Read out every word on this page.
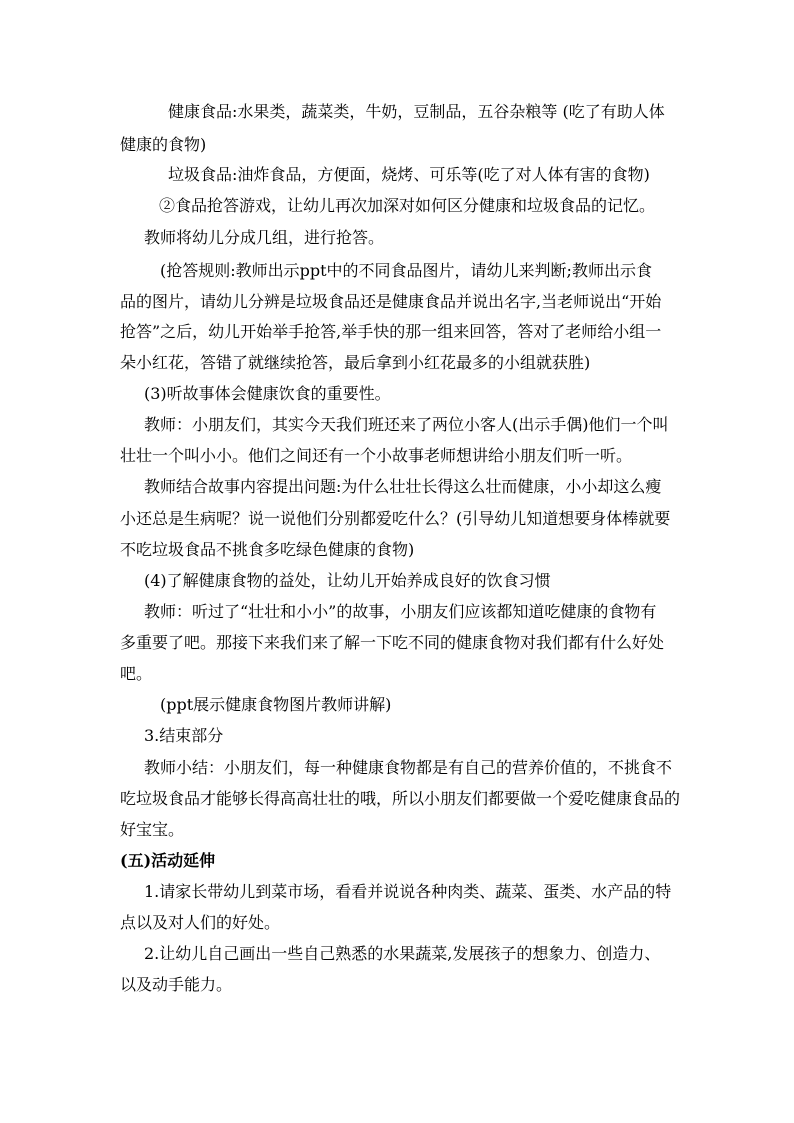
健康食品:水果类，蔬菜类，牛奶，豆制品，五谷杂粮等 (吃了有助人体
健康的食物)
垃圾食品:油炸食品，方便面，烧烤、可乐等(吃了对人体有害的食物)
②食品抢答游戏，让幼儿再次加深对如何区分健康和垃圾食品的记忆。
教师将幼儿分成几组，进行抢答。
(抢答规则:教师出示ppt中的不同食品图片，请幼儿来判断;教师出示食
品的图片，请幼儿分辨是垃圾食品还是健康食品并说出名字,当老师说出“开始
抢答”之后，幼儿开始举手抢答,举手快的那一组来回答，答对了老师给小组一
朵小红花，答错了就继续抢答，最后拿到小红花最多的小组就获胜)
(3)听故事体会健康饮食的重要性。
教师：小朋友们，其实今天我们班还来了两位小客人(出示手偶)他们一个叫
壮壮一个叫小小。他们之间还有一个小故事老师想讲给小朋友们听一听。
教师结合故事内容提出问题:为什么壮壮长得这么壮而健康，小小却这么瘦
小还总是生病呢？说一说他们分别都爱吃什么？(引导幼儿知道想要身体棒就要
不吃垃圾食品不挑食多吃绿色健康的食物)
(4)了解健康食物的益处，让幼儿开始养成良好的饮食习惯
教师：听过了“壮壮和小小”的故事，小朋友们应该都知道吃健康的食物有
多重要了吧。那接下来我们来了解一下吃不同的健康食物对我们都有什么好处
吧。
(ppt展示健康食物图片教师讲解)
3.结束部分
教师小结：小朋友们，每一种健康食物都是有自己的营养价值的，不挑食不
吃垃圾食品才能够长得高高壮壮的哦，所以小朋友们都要做一个爱吃健康食品的
好宝宝。
(五)活动延伸
1.请家长带幼儿到菜市场，看看并说说各种肉类、蔬菜、蛋类、水产品的特
点以及对人们的好处。
2.让幼儿自己画出一些自己熟悉的水果蔬菜,发展孩子的想象力、创造力、
以及动手能力。
